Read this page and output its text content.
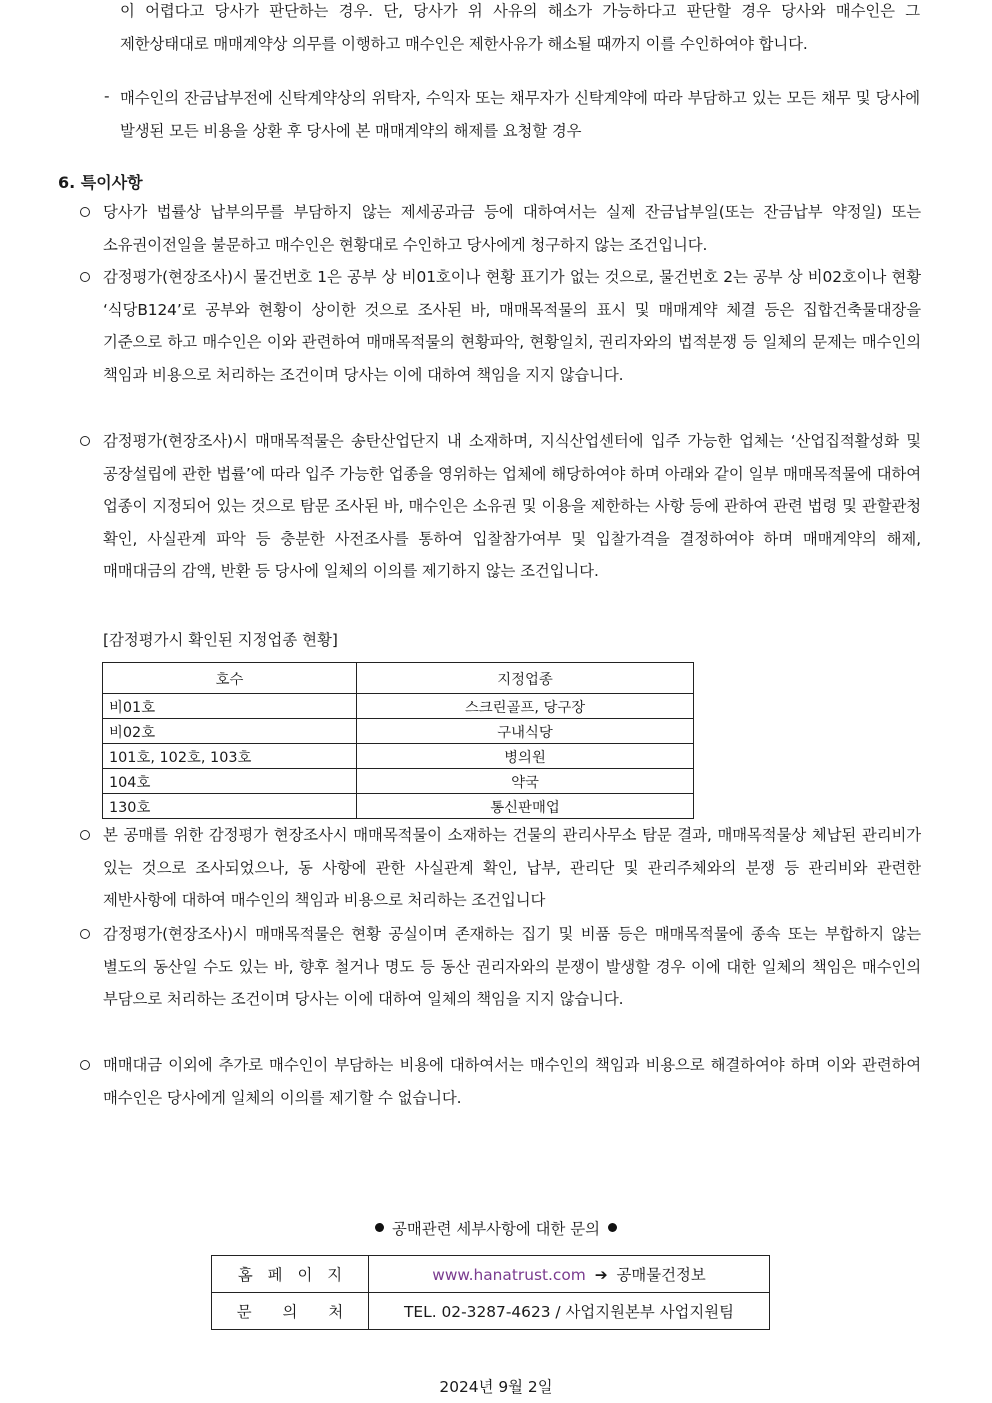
이 어렵다고 당사가 판단하는 경우. 단, 당사가 위 사유의 해소가 가능하다고 판단할 경우 당사와 매수인은 그 제한상태대로 매매계약상 의무를 이행하고 매수인은 제한사유가 해소될 때까지 이를 수인하여야 합니다.
- 매수인의 잔금납부전에 신탁계약상의 위탁자, 수익자 또는 채무자가 신탁계약에 따라 부담하고 있는 모든 채무 및 당사에 발생된 모든 비용을 상환 후 당사에 본 매매계약의 해제를 요청할 경우
6. 특이사항
당사가 법률상 납부의무를 부담하지 않는 제세공과금 등에 대하여서는 실제 잔금납부일(또는 잔금납부 약정일) 또는 소유권이전일을 불문하고 매수인은 현황대로 수인하고 당사에게 청구하지 않는 조건입니다.
감정평가(현장조사)시 물건번호 1은 공부 상 비01호이나 현황 표기가 없는 것으로, 물건번호 2는 공부 상 비02호이나 현황 ‘식당B124’로 공부와 현황이 상이한 것으로 조사된 바, 매매목적물의 표시 및 매매계약 체결 등은 집합건축물대장을 기준으로 하고 매수인은 이와 관련하여 매매목적물의 현황파악, 현황일치, 권리자와의 법적분쟁 등 일체의 문제는 매수인의 책임과 비용으로 처리하는 조건이며 당사는 이에 대하여 책임을 지지 않습니다.
감정평가(현장조사)시 매매목적물은 송탄산업단지 내 소재하며, 지식산업센터에 입주 가능한 업체는 ‘산업집적활성화 및 공장설립에 관한 법률’에 따라 입주 가능한 업종을 영위하는 업체에 해당하여야 하며 아래와 같이 일부 매매목적물에 대하여 업종이 지정되어 있는 것으로 탐문 조사된 바, 매수인은 소유권 및 이용을 제한하는 사항 등에 관하여 관련 법령 및 관할관청 확인, 사실관계 파악 등 충분한 사전조사를 통하여 입찰참가여부 및 입찰가격을 결정하여야 하며 매매계약의 해제, 매매대금의 감액, 반환 등 당사에 일체의 이의를 제기하지 않는 조건입니다.
[감정평가시 확인된 지정업종 현황]
호수	지정업종
비01호	스크린골프, 당구장
비02호	구내식당
101호, 102호, 103호	병의원
104호	약국
130호	통신판매업
본 공매를 위한 감정평가 현장조사시 매매목적물이 소재하는 건물의 관리사무소 탐문 결과, 매매목적물상 체납된 관리비가 있는 것으로 조사되었으나, 동 사항에 관한 사실관계 확인, 납부, 관리단 및 관리주체와의 분쟁 등 관리비와 관련한 제반사항에 대하여 매수인의 책임과 비용으로 처리하는 조건입니다
감정평가(현장조사)시 매매목적물은 현황 공실이며 존재하는 집기 및 비품 등은 매매목적물에 종속 또는 부합하지 않는 별도의 동산일 수도 있는 바, 향후 철거나 명도 등 동산 권리자와의 분쟁이 발생할 경우 이에 대한 일체의 책임은 매수인의 부담으로 처리하는 조건이며 당사는 이에 대하여 일체의 책임을 지지 않습니다.
매매대금 이외에 추가로 매수인이 부담하는 비용에 대하여서는 매수인의 책임과 비용으로 해결하여야 하며 이와 관련하여 매수인은 당사에게 일체의 이의를 제기할 수 없습니다.
공매관련 세부사항에 대한 문의
홈 페 이 지	www.hanatrust.com ➔ 공매물건정보
문 의 처	TEL. 02-3287-4623 / 사업지원본부 사업지원팀
2024년 9월 2일
